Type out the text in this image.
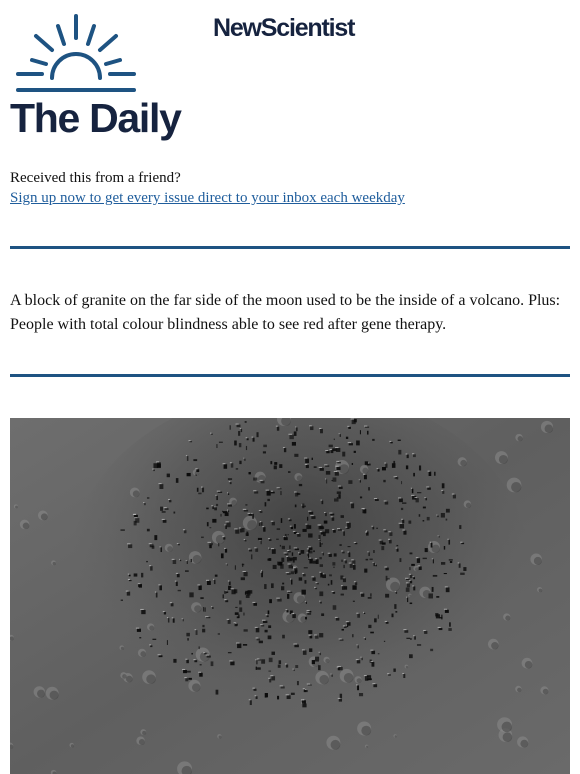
NewScientist
The Daily
Received this from a friend?
Sign up now to get every issue direct to your inbox each weekday

A block of granite on the far side of the moon used to be the inside of a volcano. Plus: People with total colour blindness able to see red after gene therapy.
